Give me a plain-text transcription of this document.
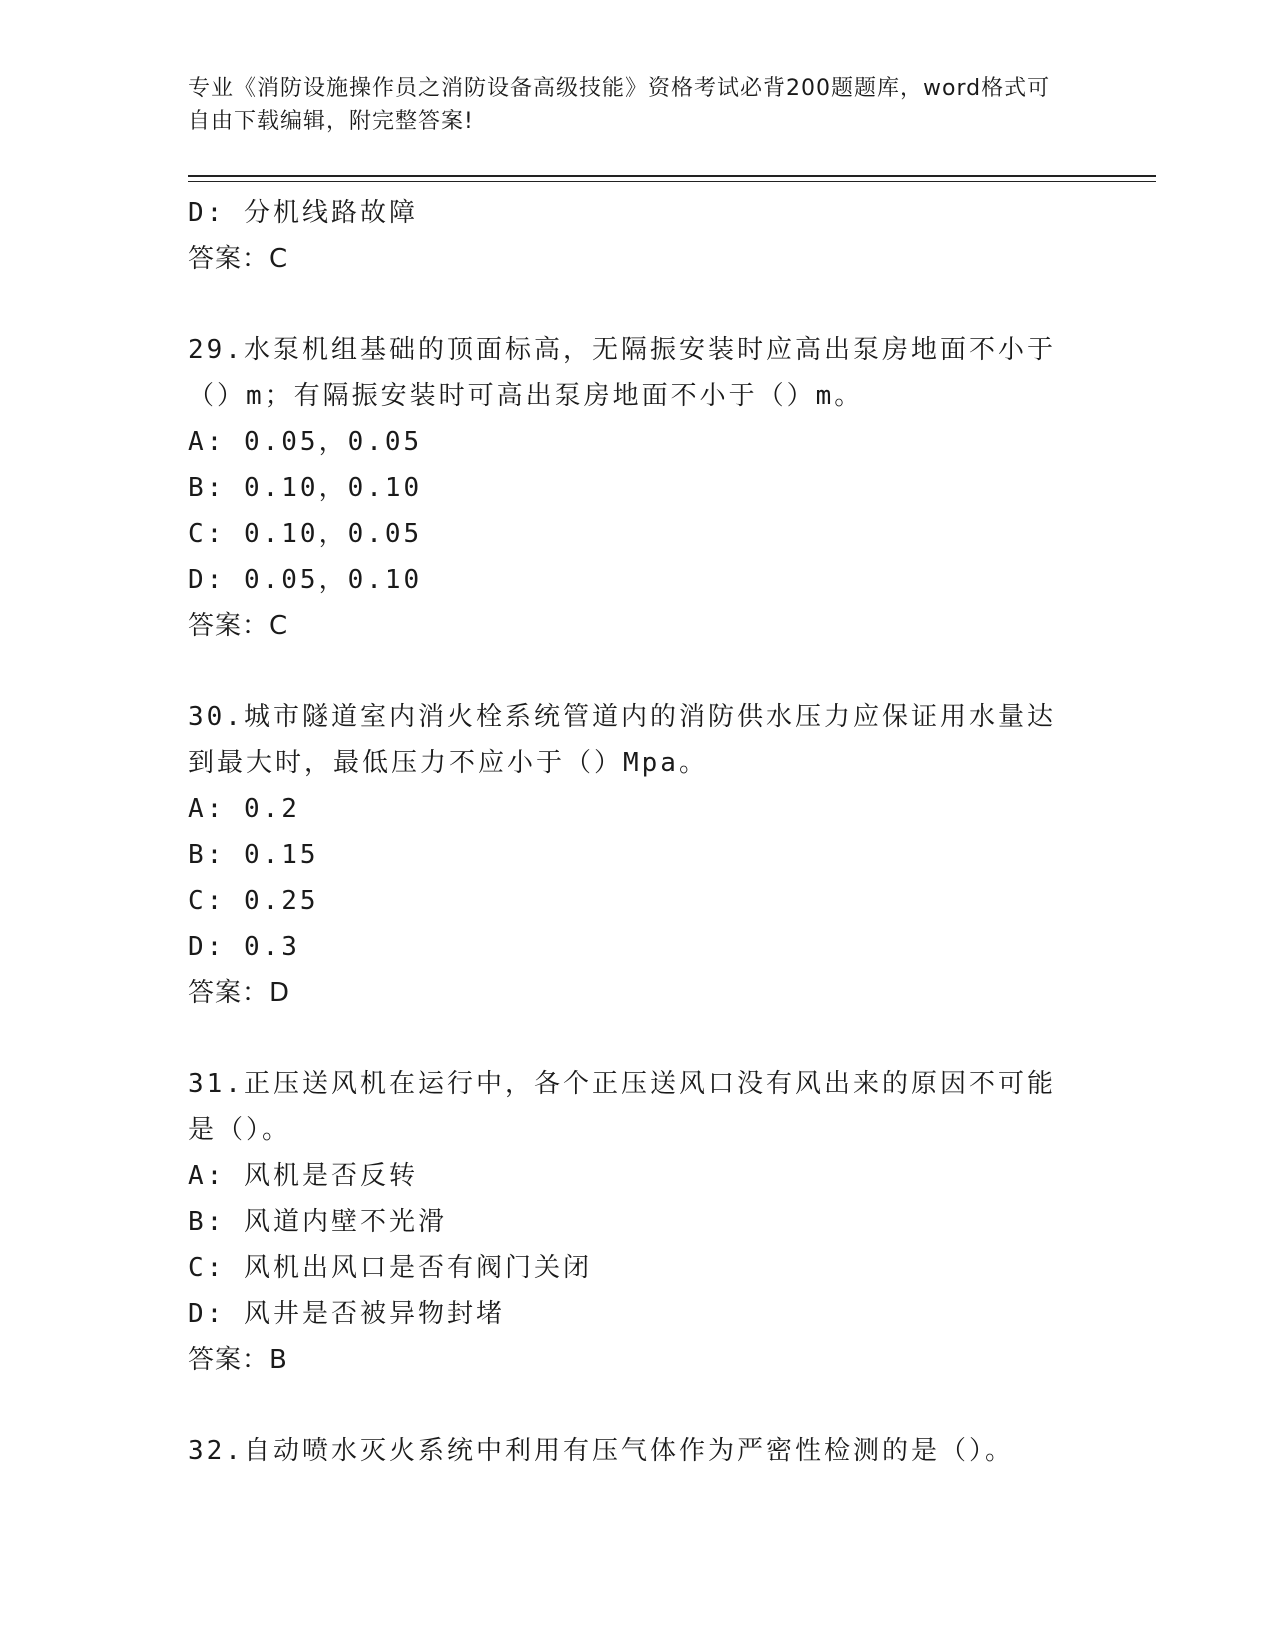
专业《消防设施操作员之消防设备高级技能》资格考试必背200题题库，word格式可自由下载编辑，附完整答案!
D: 分机线路故障
答案：C
29.水泵机组基础的顶面标高，无隔振安装时应高出泵房地面不小于（）m；有隔振安装时可高出泵房地面不小于（）m。
A: 0.05，0.05
B: 0.10，0.10
C: 0.10，0.05
D: 0.05，0.10
答案：C
30.城市隧道室内消火栓系统管道内的消防供水压力应保证用水量达到最大时，最低压力不应小于（）Mpa。
A: 0.2
B: 0.15
C: 0.25
D: 0.3
答案：D
31.正压送风机在运行中，各个正压送风口没有风出来的原因不可能是（）。
A: 风机是否反转
B: 风道内壁不光滑
C: 风机出风口是否有阀门关闭
D: 风井是否被异物封堵
答案：B
32.自动喷水灭火系统中利用有压气体作为严密性检测的是（）。
